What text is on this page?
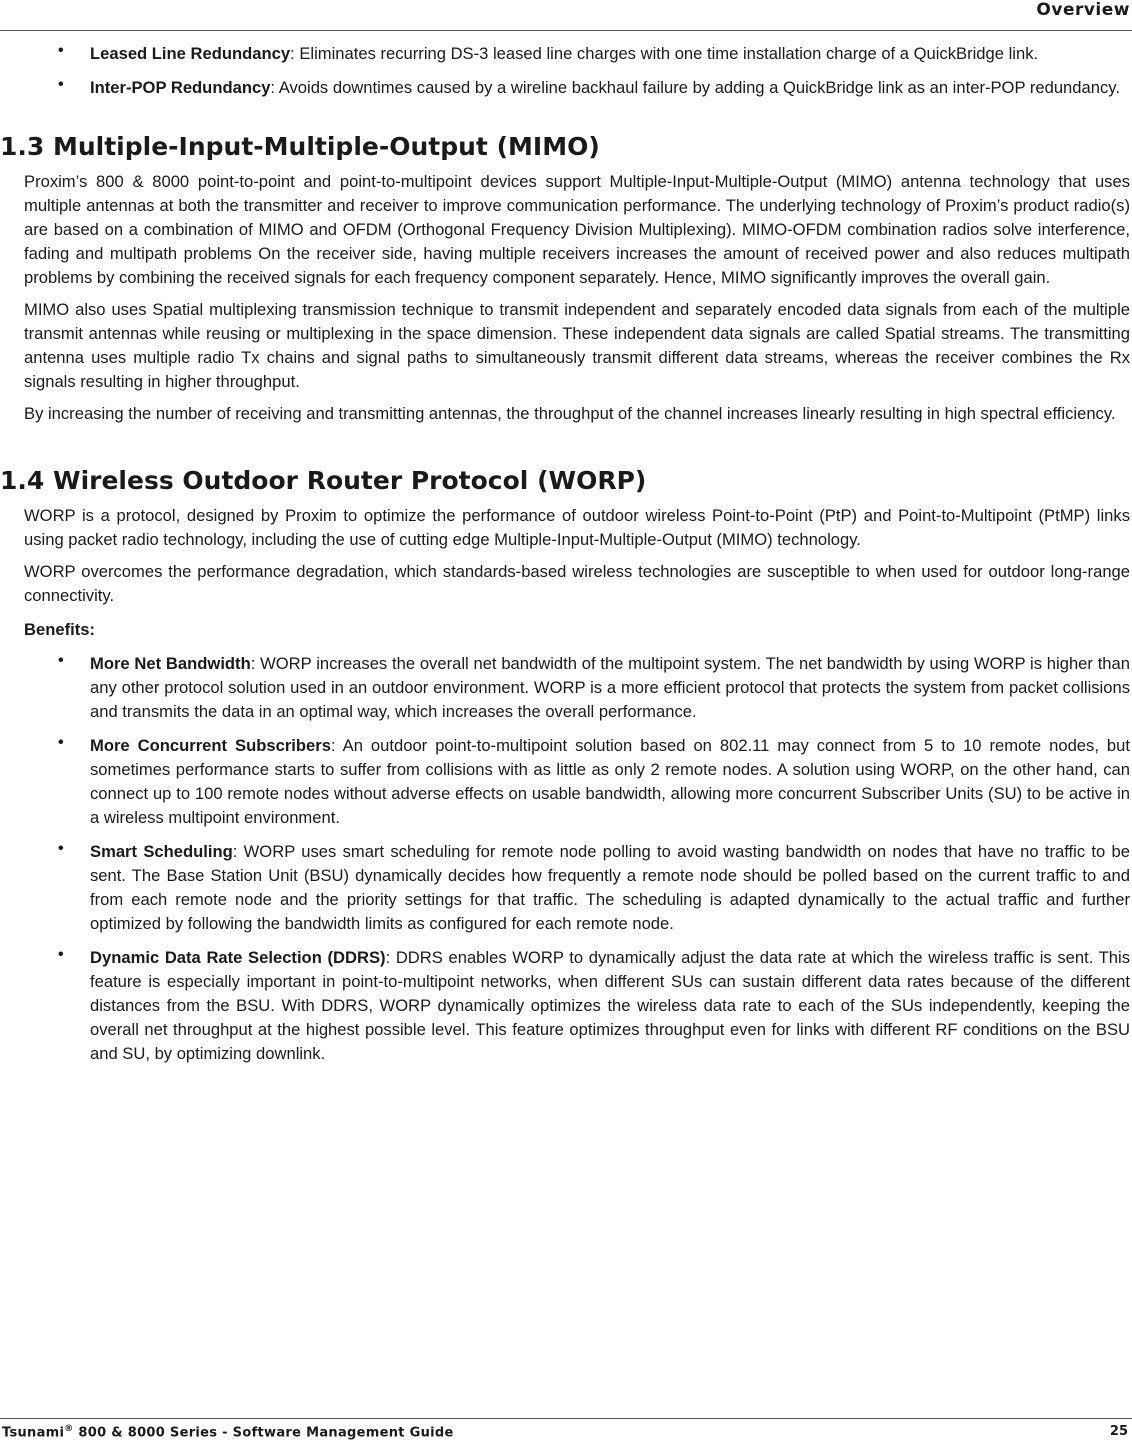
Overview
• Leased Line Redundancy: Eliminates recurring DS-3 leased line charges with one time installation charge of a QuickBridge link.

• Inter-POP Redundancy: Avoids downtimes caused by a wireline backhaul failure by adding a QuickBridge link as an inter-POP redundancy.

1.3 Multiple-Input-Multiple-Output (MIMO)

Proxim’s 800 & 8000 point-to-point and point-to-multipoint devices support Multiple-Input-Multiple-Output (MIMO) antenna technology that uses multiple antennas at both the transmitter and receiver to improve communication performance. The underlying technology of Proxim’s product radio(s) are based on a combination of MIMO and OFDM (Orthogonal Frequency Division Multiplexing). MIMO-OFDM combination radios solve interference, fading and multipath problems On the receiver side, having multiple receivers increases the amount of received power and also reduces multipath problems by combining the received signals for each frequency component separately. Hence, MIMO significantly improves the overall gain.

MIMO also uses Spatial multiplexing transmission technique to transmit independent and separately encoded data signals from each of the multiple transmit antennas while reusing or multiplexing in the space dimension. These independent data signals are called Spatial streams. The transmitting antenna uses multiple radio Tx chains and signal paths to simultaneously transmit different data streams, whereas the receiver combines the Rx signals resulting in higher throughput.

By increasing the number of receiving and transmitting antennas, the throughput of the channel increases linearly resulting in high spectral efficiency.

1.4 Wireless Outdoor Router Protocol (WORP)

WORP is a protocol, designed by Proxim to optimize the performance of outdoor wireless Point-to-Point (PtP) and Point-to-Multipoint (PtMP) links using packet radio technology, including the use of cutting edge Multiple-Input-Multiple-Output (MIMO) technology.

WORP overcomes the performance degradation, which standards-based wireless technologies are susceptible to when used for outdoor long-range connectivity.

Benefits:
• More Net Bandwidth: WORP increases the overall net bandwidth of the multipoint system. The net bandwidth by using WORP is higher than any other protocol solution used in an outdoor environment. WORP is a more efficient protocol that protects the system from packet collisions and transmits the data in an optimal way, which increases the overall performance.

• More Concurrent Subscribers: An outdoor point-to-multipoint solution based on 802.11 may connect from 5 to 10 remote nodes, but sometimes performance starts to suffer from collisions with as little as only 2 remote nodes. A solution using WORP, on the other hand, can connect up to 100 remote nodes without adverse effects on usable bandwidth, allowing more concurrent Subscriber Units (SU) to be active in a wireless multipoint environment.

• Smart Scheduling: WORP uses smart scheduling for remote node polling to avoid wasting bandwidth on nodes that have no traffic to be sent. The Base Station Unit (BSU) dynamically decides how frequently a remote node should be polled based on the current traffic to and from each remote node and the priority settings for that traffic. The scheduling is adapted dynamically to the actual traffic and further optimized by following the bandwidth limits as configured for each remote node.

• Dynamic Data Rate Selection (DDRS): DDRS enables WORP to dynamically adjust the data rate at which the wireless traffic is sent. This feature is especially important in point-to-multipoint networks, when different SUs can sustain different data rates because of the different distances from the BSU. With DDRS, WORP dynamically optimizes the wireless data rate to each of the SUs independently, keeping the overall net throughput at the highest possible level. This feature optimizes throughput even for links with different RF conditions on the BSU and SU, by optimizing downlink.

Tsunami® 800 & 8000 Series - Software Management Guide	25
